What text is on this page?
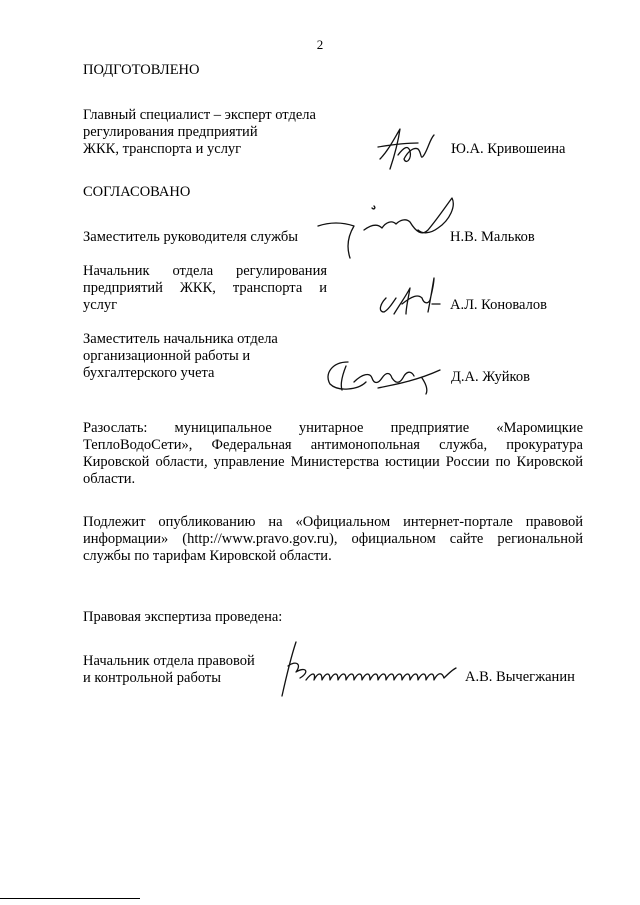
2
ПОДГОТОВЛЕНО
Главный специалист – эксперт отдела
регулирования предприятий
ЖКК, транспорта и услуг	Ю.А. Кривошеина
СОГЛАСОВАНО
Заместитель руководителя службы	Н.В. Мальков
Начальник отдела регулирования
предприятий ЖКК, транспорта и
услуг	А.Л. Коновалов
Заместитель начальника отдела
организационной работы и
бухгалтерского учета	Д.А. Жуйков
Разослать: муниципальное унитарное предприятие «Маромицкие ТеплоВодоСети», Федеральная антимонопольная служба, прокуратура Кировской области, управление Министерства юстиции России по Кировской области.
Подлежит опубликованию на «Официальном интернет-портале правовой информации» (http://www.pravo.gov.ru), официальном сайте региональной службы по тарифам Кировской области.
Правовая экспертиза проведена:
Начальник отдела правовой
и контрольной работы	А.В. Вычегжанин
